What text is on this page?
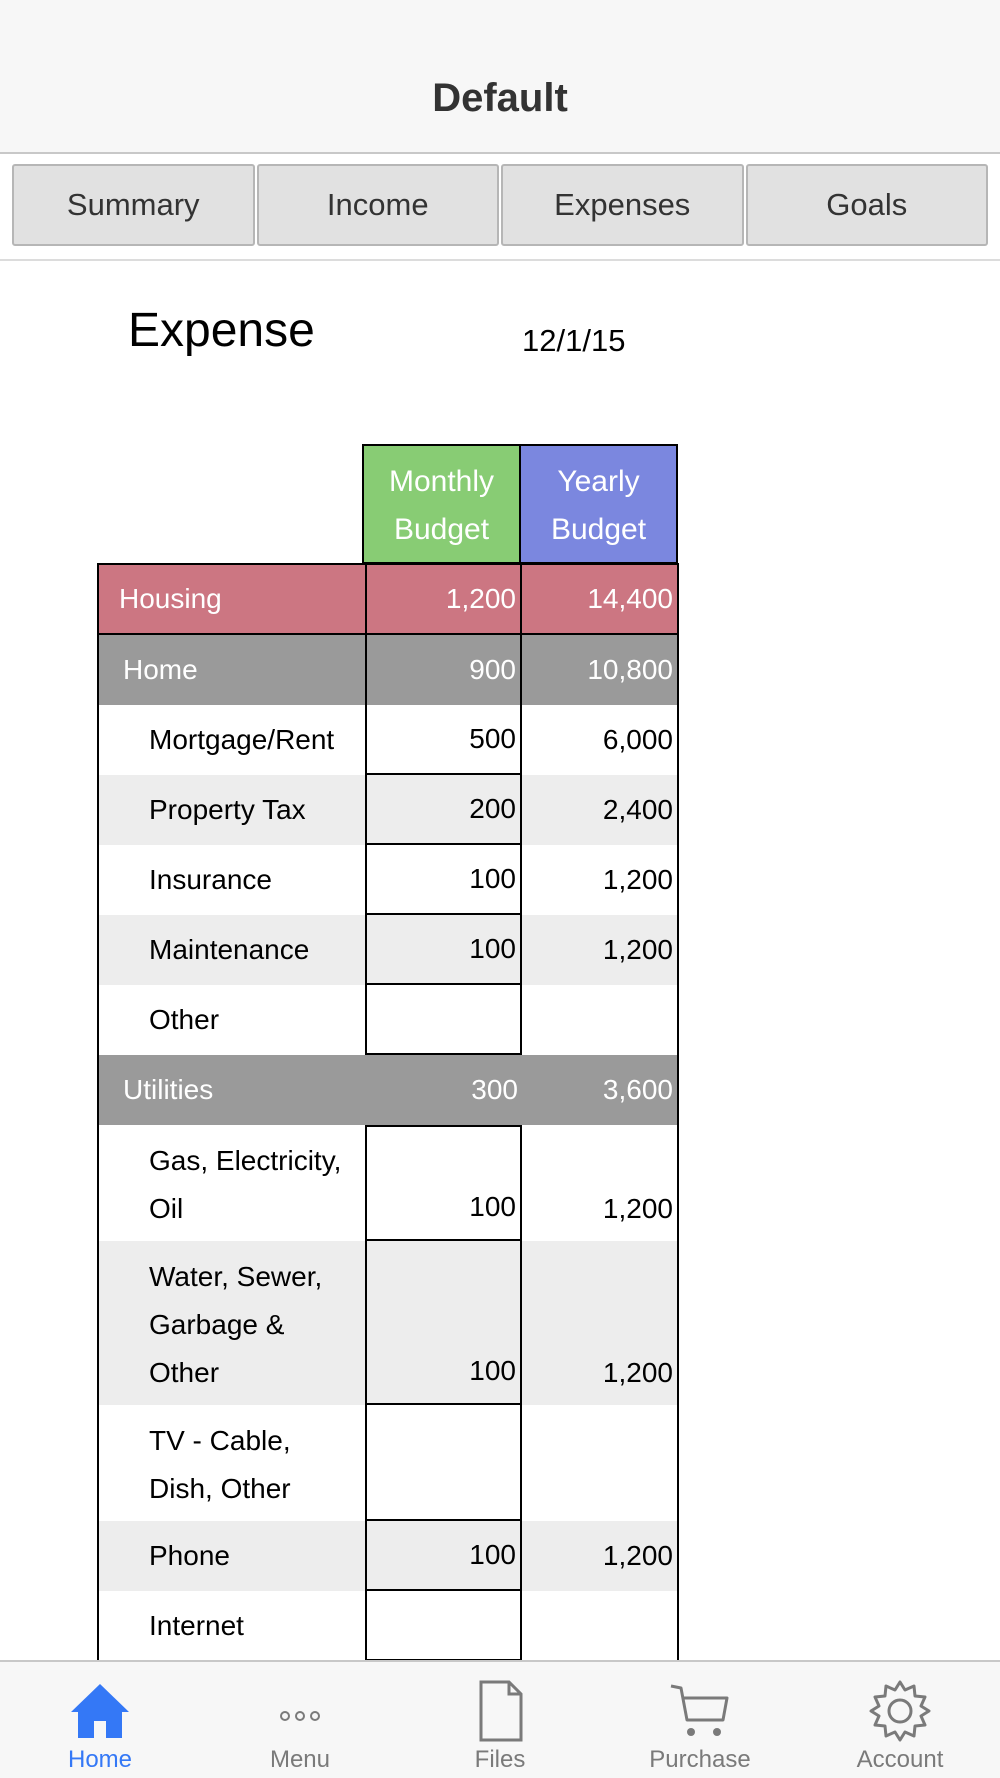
Default
Summary	Income	Expenses	Goals
Expense	12/1/15
Monthly
Budget
Yearly
Budget
Housing	1,200	14,400
Home	900	10,800
Mortgage/Rent	500	6,000
Property Tax	200	2,400
Insurance	100	1,200
Maintenance	100	1,200
Other
Utilities	300	3,600
Gas, Electricity,
Oil	100	1,200
Water, Sewer,
Garbage &
Other	100	1,200
TV - Cable,
Dish, Other
Phone	100	1,200
Internet
Home	Menu	Files	Purchase	Account
